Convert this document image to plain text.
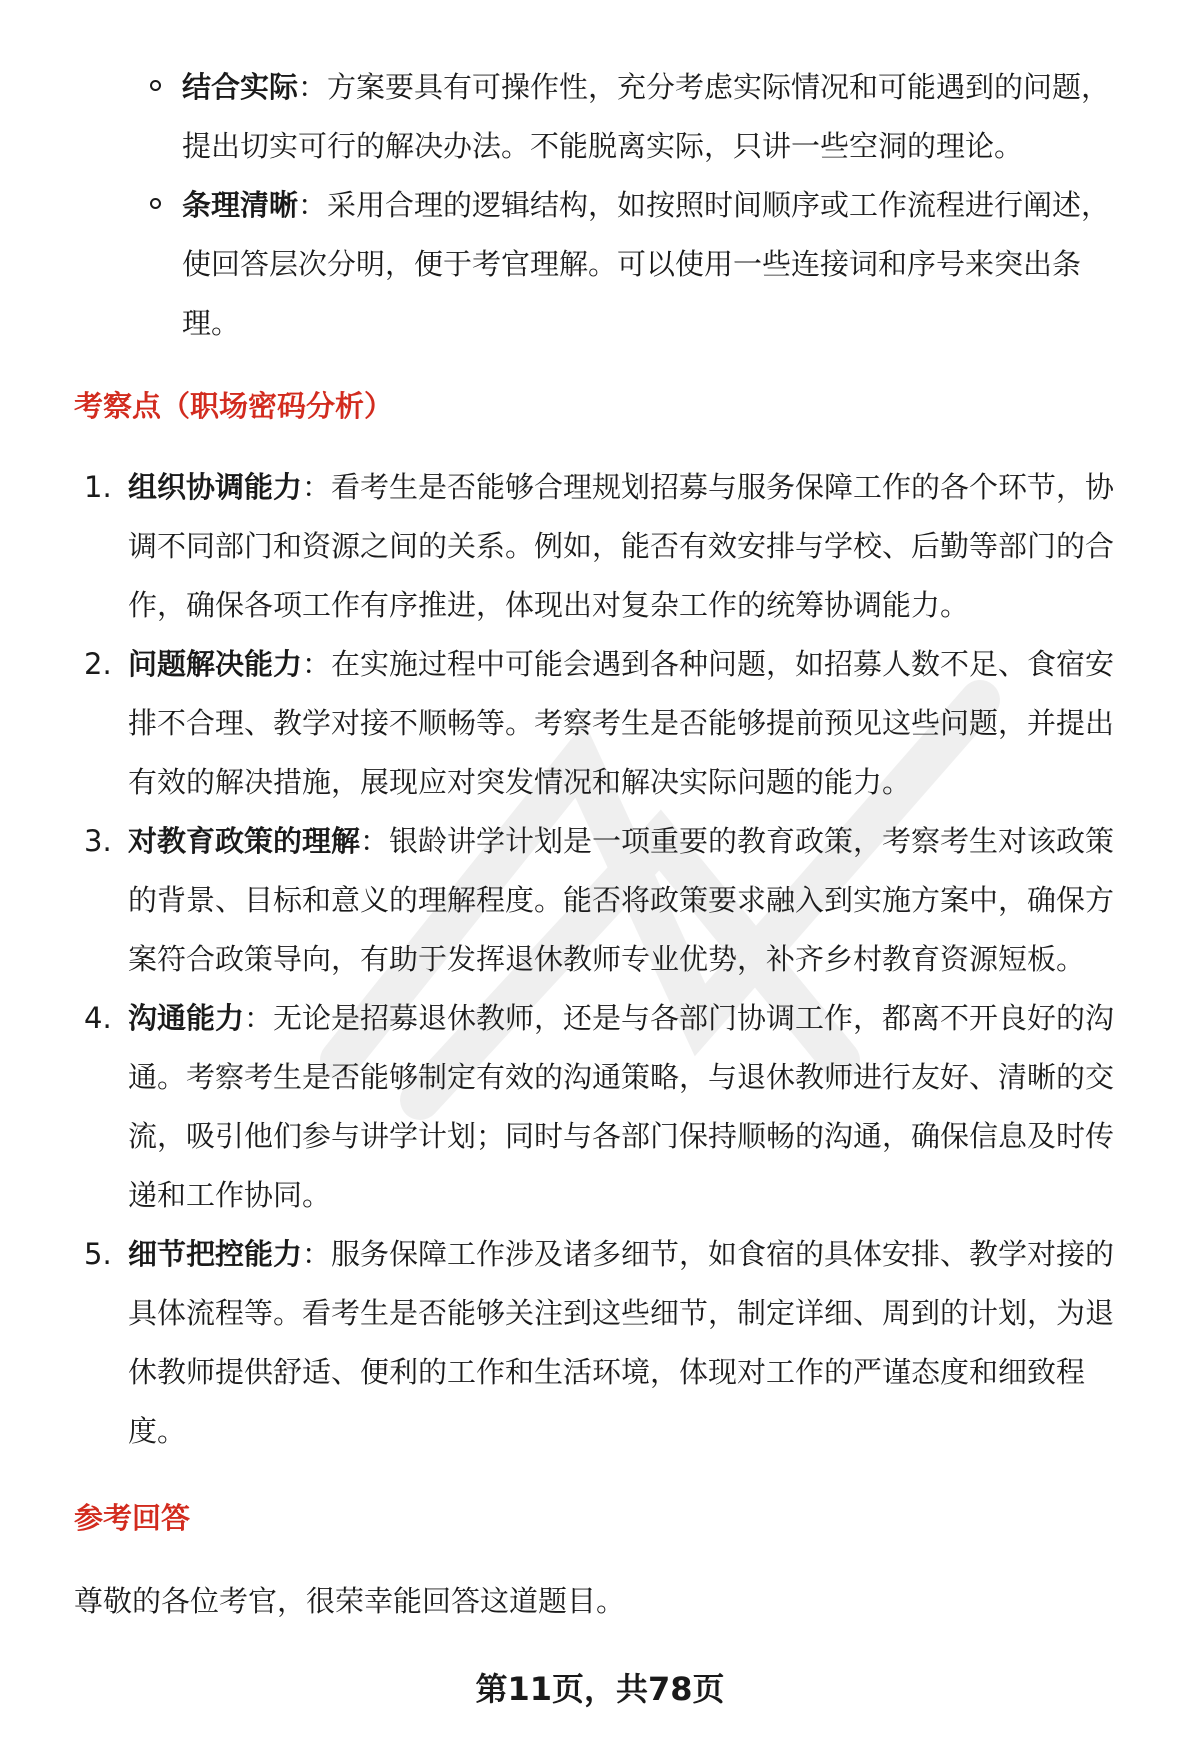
结合实际：方案要具有可操作性，充分考虑实际情况和可能遇到的问题，提出切实可行的解决办法。不能脱离实际，只讲一些空洞的理论。
条理清晰：采用合理的逻辑结构，如按照时间顺序或工作流程进行阐述，使回答层次分明，便于考官理解。可以使用一些连接词和序号来突出条理。
考察点（职场密码分析）
1. 组织协调能力：看考生是否能够合理规划招募与服务保障工作的各个环节，协调不同部门和资源之间的关系。例如，能否有效安排与学校、后勤等部门的合作，确保各项工作有序推进，体现出对复杂工作的统筹协调能力。
2. 问题解决能力：在实施过程中可能会遇到各种问题，如招募人数不足、食宿安排不合理、教学对接不顺畅等。考察考生是否能够提前预见这些问题，并提出有效的解决措施，展现应对突发情况和解决实际问题的能力。
3. 对教育政策的理解：银龄讲学计划是一项重要的教育政策，考察考生对该政策的背景、目标和意义的理解程度。能否将政策要求融入到实施方案中，确保方案符合政策导向，有助于发挥退休教师专业优势，补齐乡村教育资源短板。
4. 沟通能力：无论是招募退休教师，还是与各部门协调工作，都离不开良好的沟通。考察考生是否能够制定有效的沟通策略，与退休教师进行友好、清晰的交流，吸引他们参与讲学计划；同时与各部门保持顺畅的沟通，确保信息及时传递和工作协同。
5. 细节把控能力：服务保障工作涉及诸多细节，如食宿的具体安排、教学对接的具体流程等。看考生是否能够关注到这些细节，制定详细、周到的计划，为退休教师提供舒适、便利的工作和生活环境，体现对工作的严谨态度和细致程度。
参考回答
尊敬的各位考官，很荣幸能回答这道题目。
第11页，共78页
